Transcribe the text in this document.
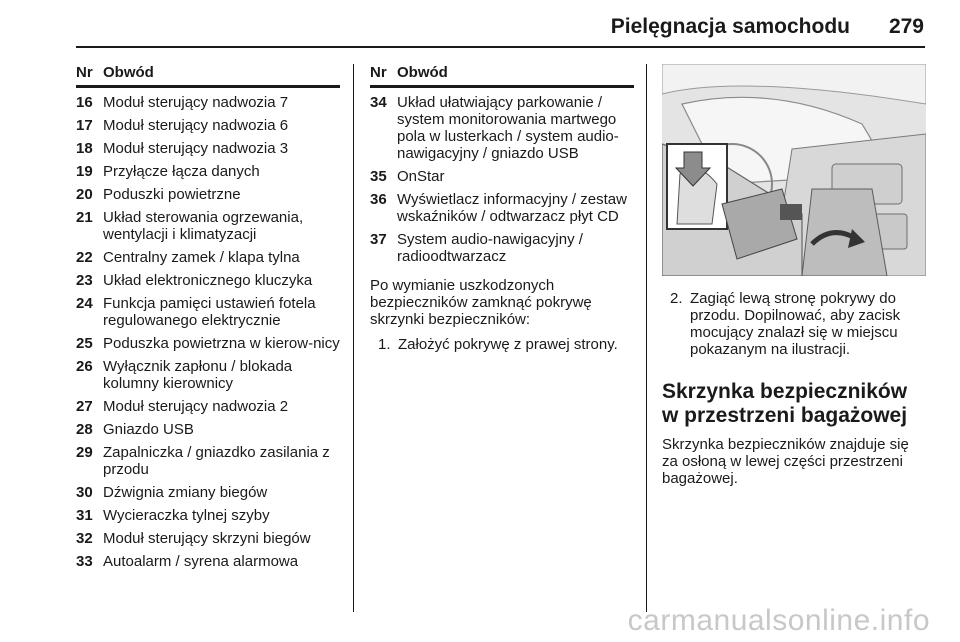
Pielęgnacja samochodu	279
Nr Obwód
16 Moduł sterujący nadwozia 7
17 Moduł sterujący nadwozia 6
18 Moduł sterujący nadwozia 3
19 Przyłącze łącza danych
20 Poduszki powietrzne
21 Układ sterowania ogrzewania, wentylacji i klimatyzacji
22 Centralny zamek / klapa tylna
23 Układ elektronicznego kluczyka
24 Funkcja pamięci ustawień fotela regulowanego elektrycznie
25 Poduszka powietrzna w kierow-nicy
26 Wyłącznik zapłonu / blokada kolumny kierownicy
27 Moduł sterujący nadwozia 2
28 Gniazdo USB
29 Zapalniczka / gniazdko zasilania z przodu
30 Dźwignia zmiany biegów
31 Wycieraczka tylnej szyby
32 Moduł sterujący skrzyni biegów
33 Autoalarm / syrena alarmowa
Nr Obwód
34 Układ ułatwiający parkowanie / system monitorowania martwego pola w lusterkach / system audio-nawigacyjny / gniazdo USB
35 OnStar
36 Wyświetlacz informacyjny / zestaw wskaźników / odtwarzacz płyt CD
37 System audio-nawigacyjny / radioodtwarzacz
Po wymianie uszkodzonych bezpieczników zamknąć pokrywę skrzynki bezpieczników:
1. Założyć pokrywę z prawej strony.
2. Zagiąć lewą stronę pokrywy do przodu. Dopilnować, aby zacisk mocujący znalazł się w miejscu pokazanym na ilustracji.
Skrzynka bezpieczników w przestrzeni bagażowej
Skrzynka bezpieczników znajduje się za osłoną w lewej części przestrzeni bagażowej.
carmanualsonline.info
